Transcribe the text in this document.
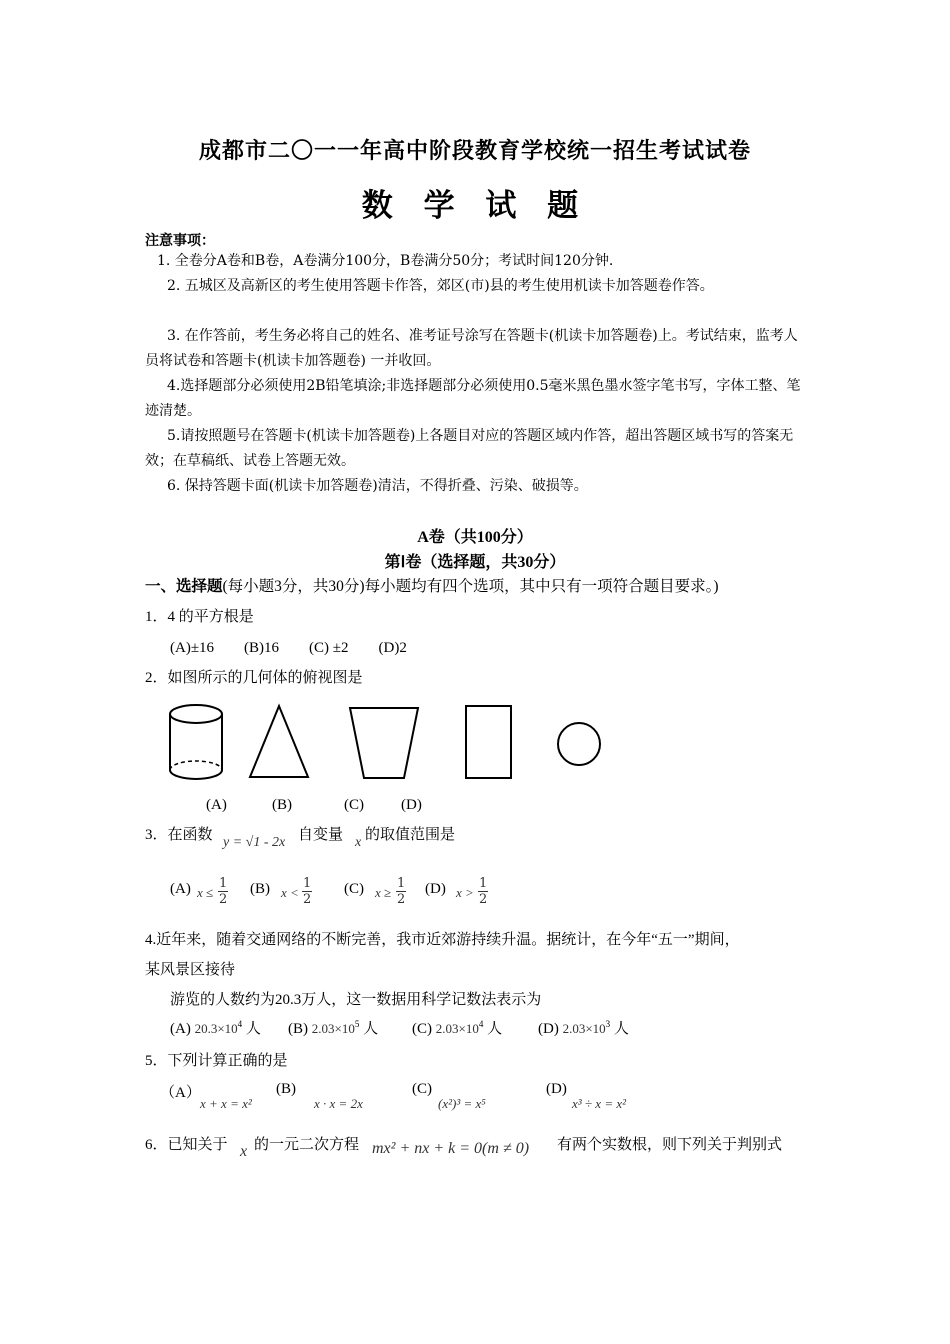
成都市二〇一一年高中阶段教育学校统一招生考试试卷
数 学 试 题
注意事项：
1. 全卷分A卷和B卷，A卷满分100分，B卷满分50分；考试时间120分钟.
2. 五城区及高新区的考生使用答题卡作答，郊区(市)县的考生使用机读卡加答题卷作答。
3. 在作答前，考生务必将自己的姓名、准考证号涂写在答题卡(机读卡加答题卷)上。考试结束，监考人员将试卷和答题卡(机读卡加答题卷) 一并收回。
4.选择题部分必须使用2B铅笔填涂;非选择题部分必须使用0.5毫米黑色墨水签字笔书写，字体工整、笔迹清楚。
5.请按照题号在答题卡(机读卡加答题卷)上各题目对应的答题区域内作答，超出答题区域书写的答案无效；在草稿纸、试卷上答题无效。
6. 保持答题卡面(机读卡加答题卷)清洁，不得折叠、污染、破损等。
A卷（共100分）
第Ⅰ卷（选择题，共30分）
一、选择题(每小题3分，共30分)每小题均有四个选项，其中只有一项符合题目要求。)
1．4 的平方根是
(A)±16　　(B)16　　(C) ±2　　(D)2
2．如图所示的几何体的俯视图是
(A)	(B)	(C) (D)
3．在函数 y = √1 - 2x 自变量 x 的取值范围是
(A) $x \le \frac{1}{2} (B) x < \frac{1}{2} (C) x \ge \frac{1}{2} (D) x > \frac{1}{2}$
4.近年来，随着交通网络的不断完善，我市近郊游持续升温。据统计，在今年“五一”期间，
某风景区接待
游览的人数约为20.3万人，这一数据用科学记数法表示为
(A) $20.3\times 10^4$ 人 (B) $2.03\times 10^5$ 人 (C) $2.03\times 10^4$ 人 (D) $2.03\times 10^3$ 人
5．下列计算正确的是
（A）
x + x = x²
(B)
x · x = 2x
(C)
(x²)³ = x⁵
(D)
x³ ÷ x = x²
6．已知关于 x 的一元二次方程 mx² + nx + k = 0(m ≠ 0) 有两个实数根，则下列关于判别式
